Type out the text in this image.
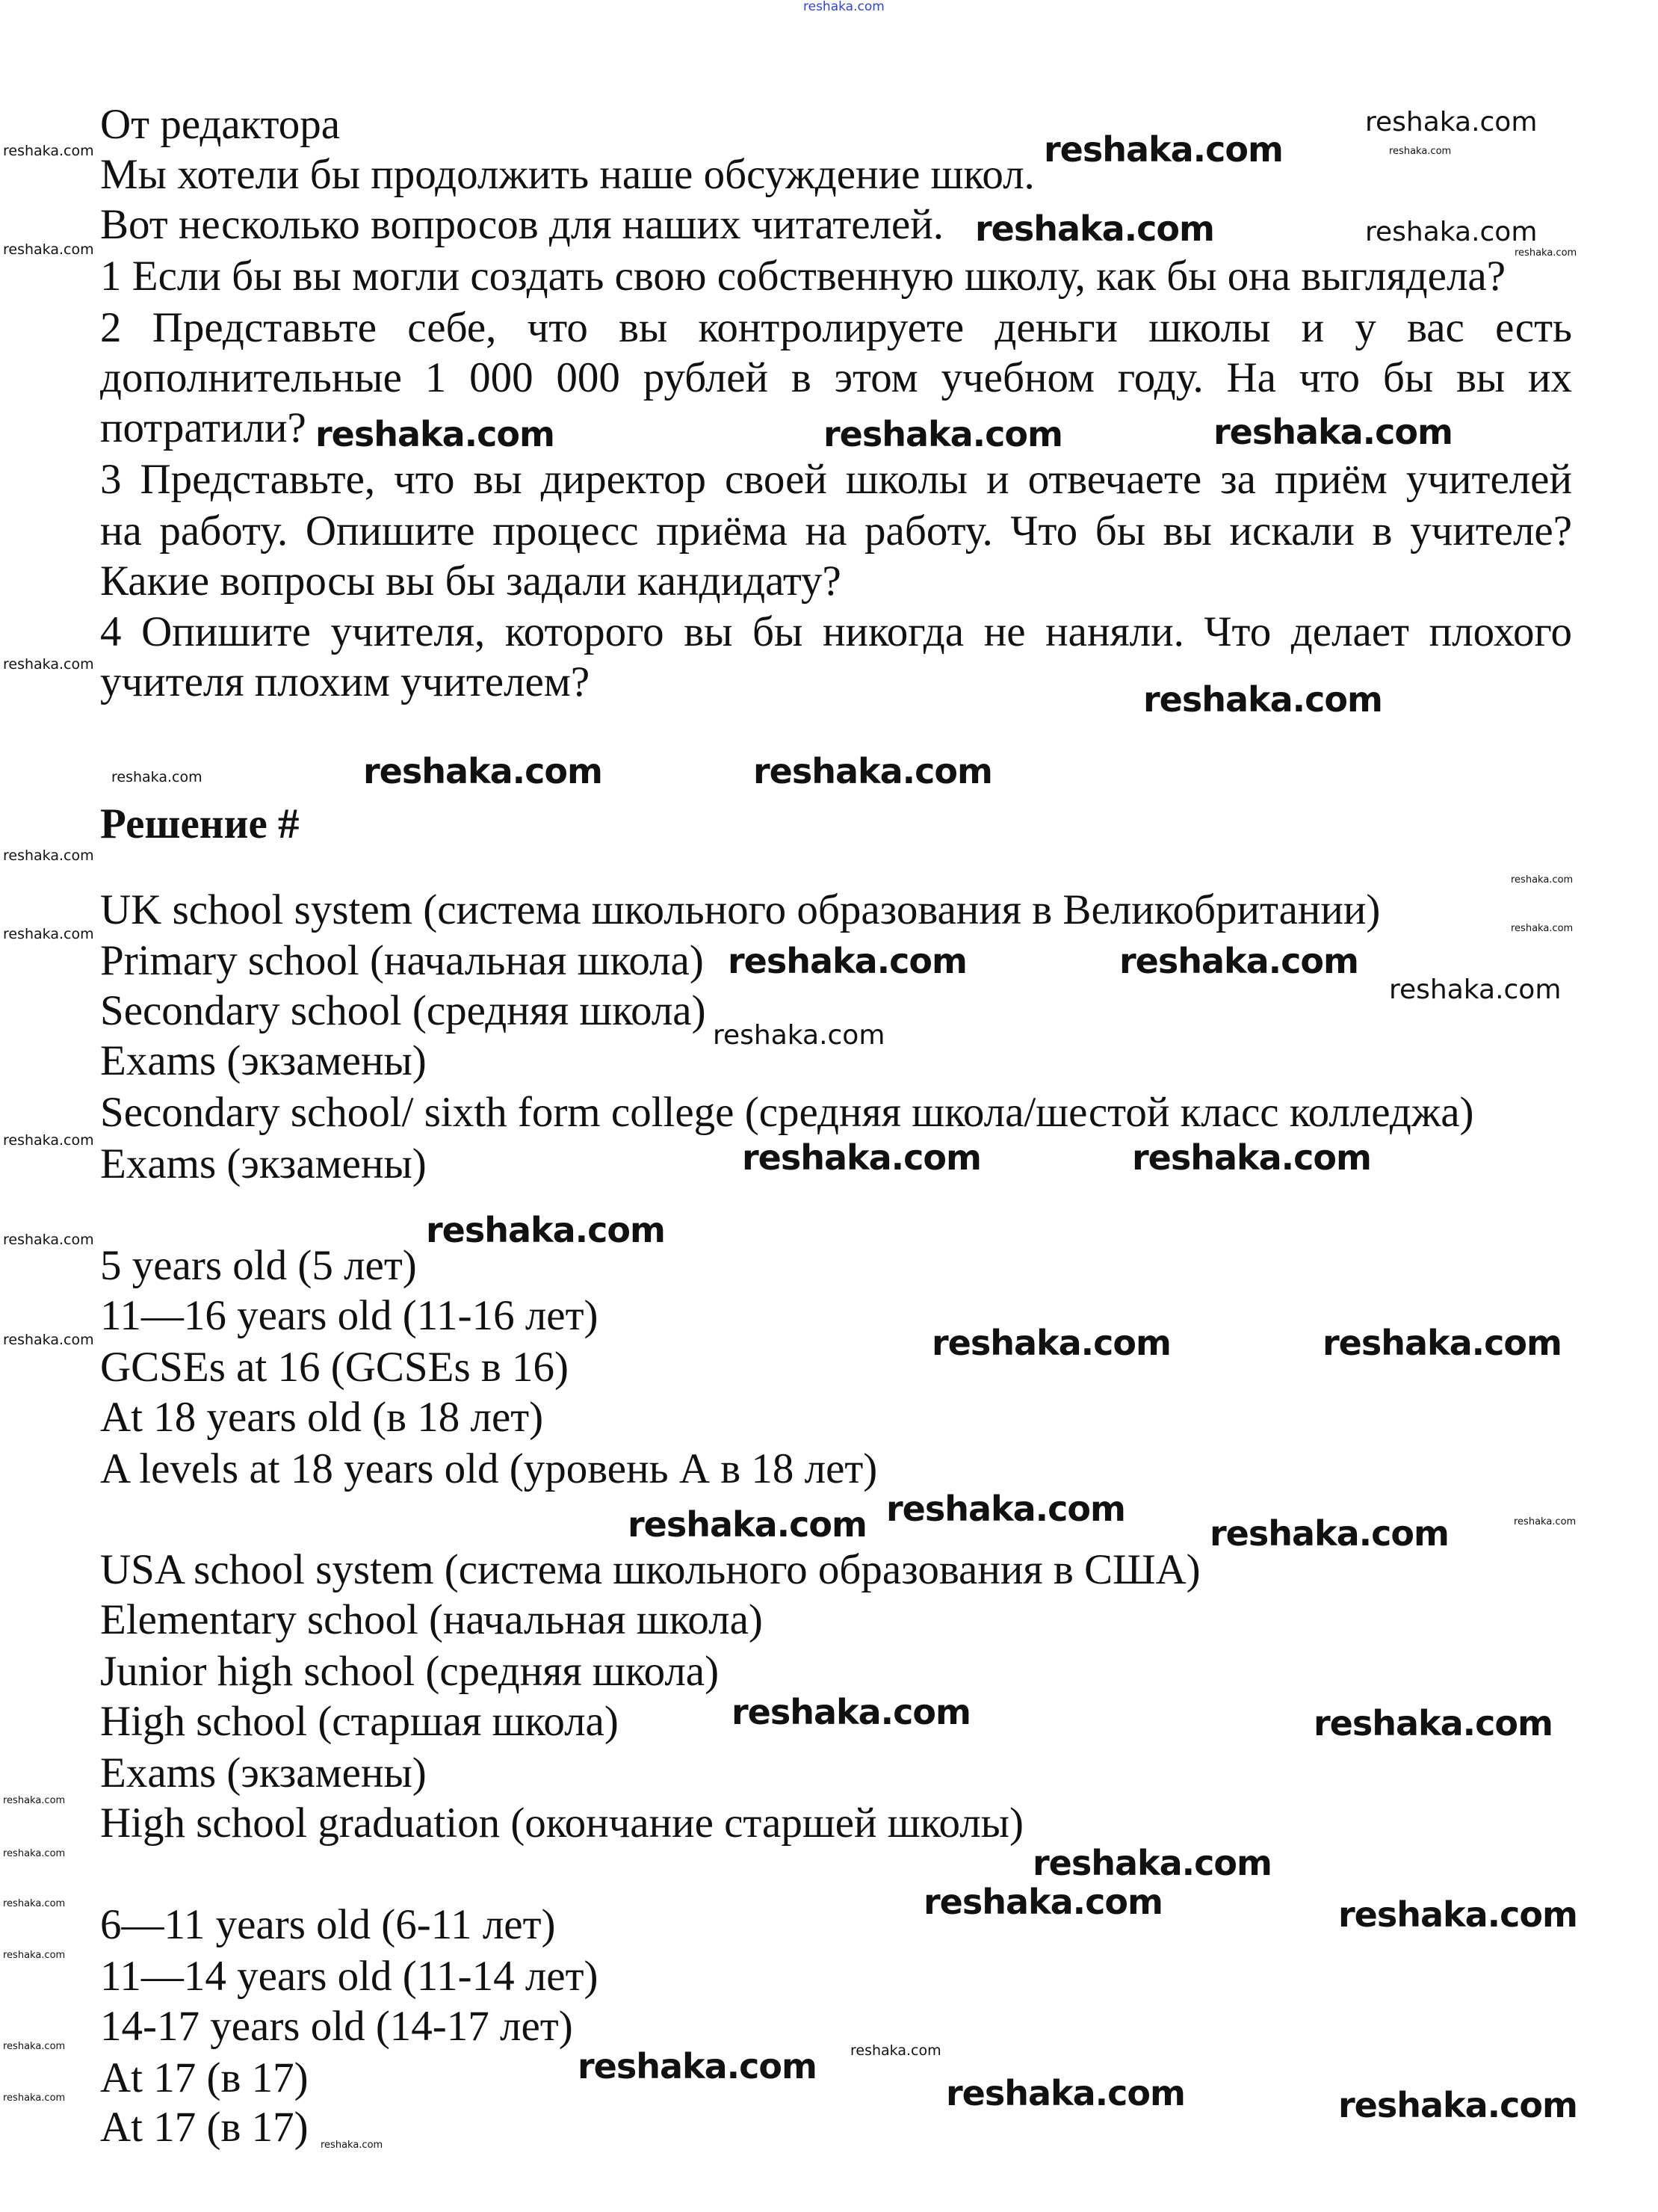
От редактора
Мы хотели бы продолжить наше обсуждение школ.
Вот несколько вопросов для наших читателей.
1 Если бы вы могли создать свою собственную школу, как бы она выглядела?
2 Представьте себе, что вы контролируете деньги школы и у вас есть
дополнительные 1 000 000 рублей в этом учебном году. На что бы вы их
потратили?
3 Представьте, что вы директор своей школы и отвечаете за приём учителей
на работу. Опишите процесс приёма на работу. Что бы вы искали в учителе?
Какие вопросы вы бы задали кандидату?
4 Опишите учителя, которого вы бы никогда не наняли. Что делает плохого
учителя плохим учителем?
Решение #
UK school system (система школьного образования в Великобритании)
Primary school (начальная школа)
Secondary school (средняя школа)
Exams (экзамены)
Secondary school/ sixth form college (средняя школа/шестой класс колледжа)
Exams (экзамены)
5 years old (5 лет)
11—16 years old (11-16 лет)
GCSEs at 16 (GCSEs в 16)
At 18 years old (в 18 лет)
A levels at 18 years old (уровень А в 18 лет)
USA school system (система школьного образования в США)
Elementary school (начальная школа)
Junior high school (средняя школа)
High school (старшая школа)
Exams (экзамены)
High school graduation (окончание старшей школы)
6—11 years old (6-11 лет)
11—14 years old (11-14 лет)
14-17 years old (14-17 лет)
At 17 (в 17)
At 17 (в 17)
reshaka.com
reshaka.com
reshaka.com
reshaka.com	reshaka.com	reshaka.com
reshaka.com
reshaka.com	reshaka.com
reshaka.com	reshaka.com
reshaka.com	reshaka.com
reshaka.com
reshaka.com	reshaka.com
reshaka.com
reshaka.com
reshaka.com
reshaka.com	reshaka.com
reshaka.com
reshaka.com	reshaka.com
reshaka.com
reshaka.com	reshaka.com
reshaka.com
reshaka.com
reshaka.com	reshaka.com
reshaka.com	reshaka.com
reshaka.com
reshaka.com
reshaka.com
reshaka.com
reshaka.com
reshaka.com
reshaka.com
reshaka.com
reshaka.com
reshaka.com
reshaka.com
reshaka.com
reshaka.com
reshaka.com
reshaka.com
reshaka.com
reshaka.com	reshaka.com
reshaka.com
reshaka.com
